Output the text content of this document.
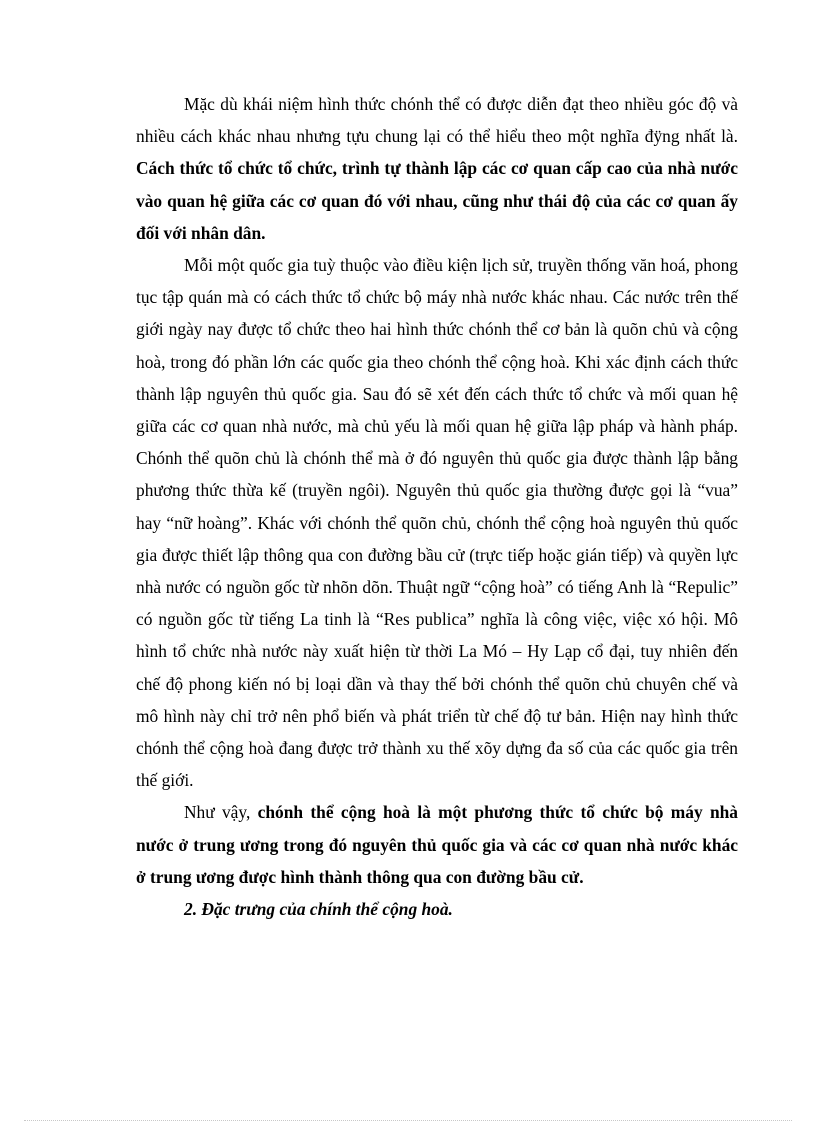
Mặc dù khái niệm hình thức chónh thể có được diễn đạt theo nhiều góc độ và nhiều cách khác nhau nhưng tựu chung lại có thể hiểu theo một nghĩa đÿng nhất là. Cách thức tổ chức tổ chức, trình tự thành lập các cơ quan cấp cao của nhà nước vào quan hệ giữa các cơ quan đó với nhau, cũng như thái độ của các cơ quan ấy đối với nhân dân.

Mỗi một quốc gia tuỳ thuộc vào điều kiện lịch sử, truyền thống văn hoá, phong tục tập quán mà có cách thức tổ chức bộ máy nhà nước khác nhau. Các nước trên thế giới ngày nay được tổ chức theo hai hình thức chónh thể cơ bản là quõn chủ và cộng hoà, trong đó phần lớn các quốc gia theo chónh thể cộng hoà. Khi xác định cách thức thành lập nguyên thủ quốc gia. Sau đó sẽ xét đến cách thức tổ chức và mối quan hệ giữa các cơ quan nhà nước, mà chủ yếu là mối quan hệ giữa lập pháp và hành pháp. Chónh thể quõn chủ là chónh thể mà ở đó nguyên thủ quốc gia được thành lập bằng phương thức thừa kế (truyền ngôi). Nguyên thủ quốc gia thường được gọi là “vua” hay “nữ hoàng”. Khác với chónh thể quõn chủ, chónh thể cộng hoà nguyên thủ quốc gia được thiết lập thông qua con đường bầu cử (trực tiếp hoặc gián tiếp) và quyền lực nhà nước có nguồn gốc từ nhõn dõn. Thuật ngữ “cộng hoà” có tiếng Anh là “Repulic” có nguồn gốc từ tiếng La tinh là “Res publica” nghĩa là công việc, việc xó hội. Mô hình tổ chức nhà nước này xuất hiện từ thời La Mó – Hy Lạp cổ đại, tuy nhiên đến chế độ phong kiến nó bị loại dần và thay thế bởi chónh thể quõn chủ chuyên chế và mô hình này chỉ trở nên phổ biến và phát triển từ chế độ tư bản. Hiện nay hình thức chónh thể cộng hoà đang được trở thành xu thế xõy dựng đa số của các quốc gia trên thế giới.

Như vậy, chónh thể cộng hoà là một phương thức tổ chức bộ máy nhà nước ở trung ương trong đó nguyên thủ quốc gia và các cơ quan nhà nước khác ở trung ương được hình thành thông qua con đường bầu cử.

2. Đặc trưng của chính thể cộng hoà.
